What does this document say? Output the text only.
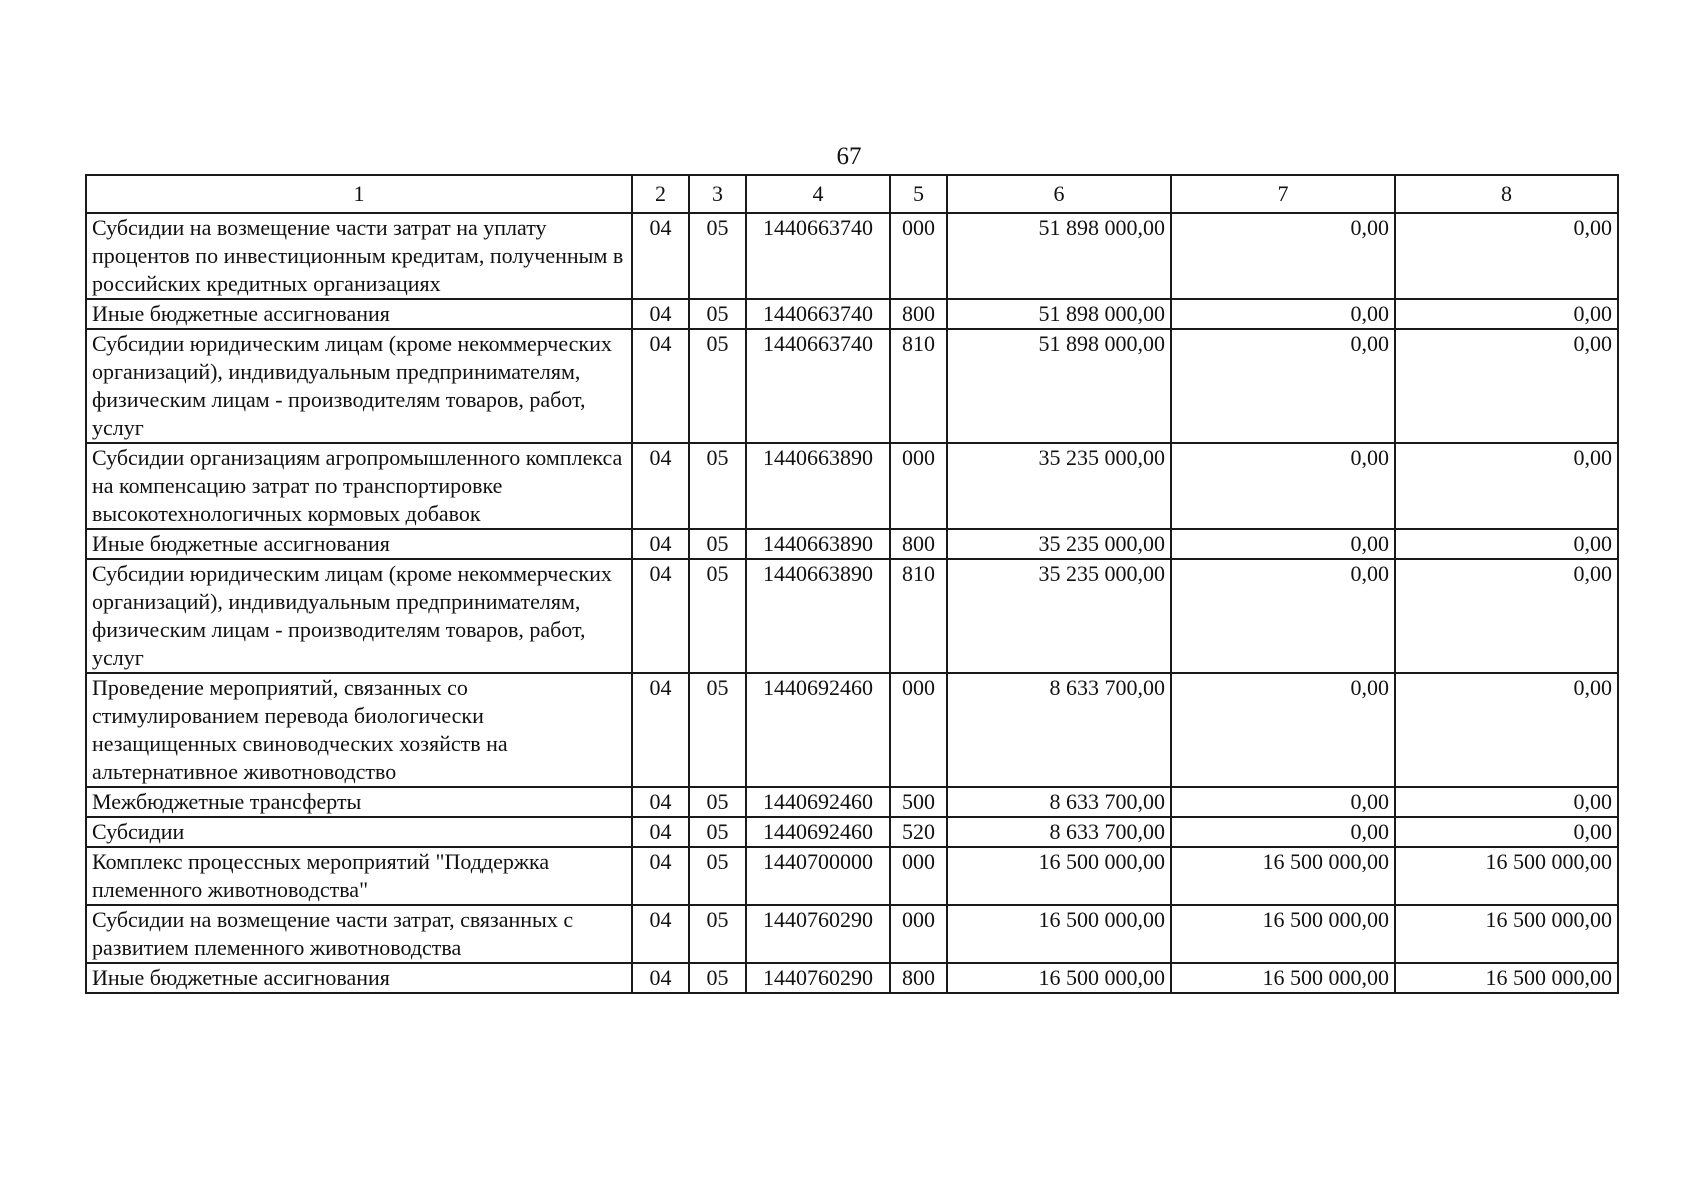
67
1	2	3	4	5	6	7	8
Субсидии на возмещение части затрат на уплату процентов по инвестиционным кредитам, полученным в российских кредитных организациях	04	05	1440663740	000	51 898 000,00	0,00	0,00
Иные бюджетные ассигнования	04	05	1440663740	800	51 898 000,00	0,00	0,00
Субсидии юридическим лицам (кроме некоммерческих организаций), индивидуальным предпринимателям, физическим лицам - производителям товаров, работ, услуг	04	05	1440663740	810	51 898 000,00	0,00	0,00
Субсидии организациям агропромышленного комплекса на компенсацию затрат по транспортировке высокотехнологичных кормовых добавок	04	05	1440663890	000	35 235 000,00	0,00	0,00
Иные бюджетные ассигнования	04	05	1440663890	800	35 235 000,00	0,00	0,00
Субсидии юридическим лицам (кроме некоммерческих организаций), индивидуальным предпринимателям, физическим лицам - производителям товаров, работ, услуг	04	05	1440663890	810	35 235 000,00	0,00	0,00
Проведение мероприятий, связанных со стимулированием перевода биологически незащищенных свиноводческих хозяйств на альтернативное животноводство	04	05	1440692460	000	8 633 700,00	0,00	0,00
Межбюджетные трансферты	04	05	1440692460	500	8 633 700,00	0,00	0,00
Субсидии	04	05	1440692460	520	8 633 700,00	0,00	0,00
Комплекс процессных мероприятий "Поддержка племенного животноводства"	04	05	1440700000	000	16 500 000,00	16 500 000,00	16 500 000,00
Субсидии на возмещение части затрат, связанных с развитием племенного животноводства	04	05	1440760290	000	16 500 000,00	16 500 000,00	16 500 000,00
Иные бюджетные ассигнования	04	05	1440760290	800	16 500 000,00	16 500 000,00	16 500 000,00
